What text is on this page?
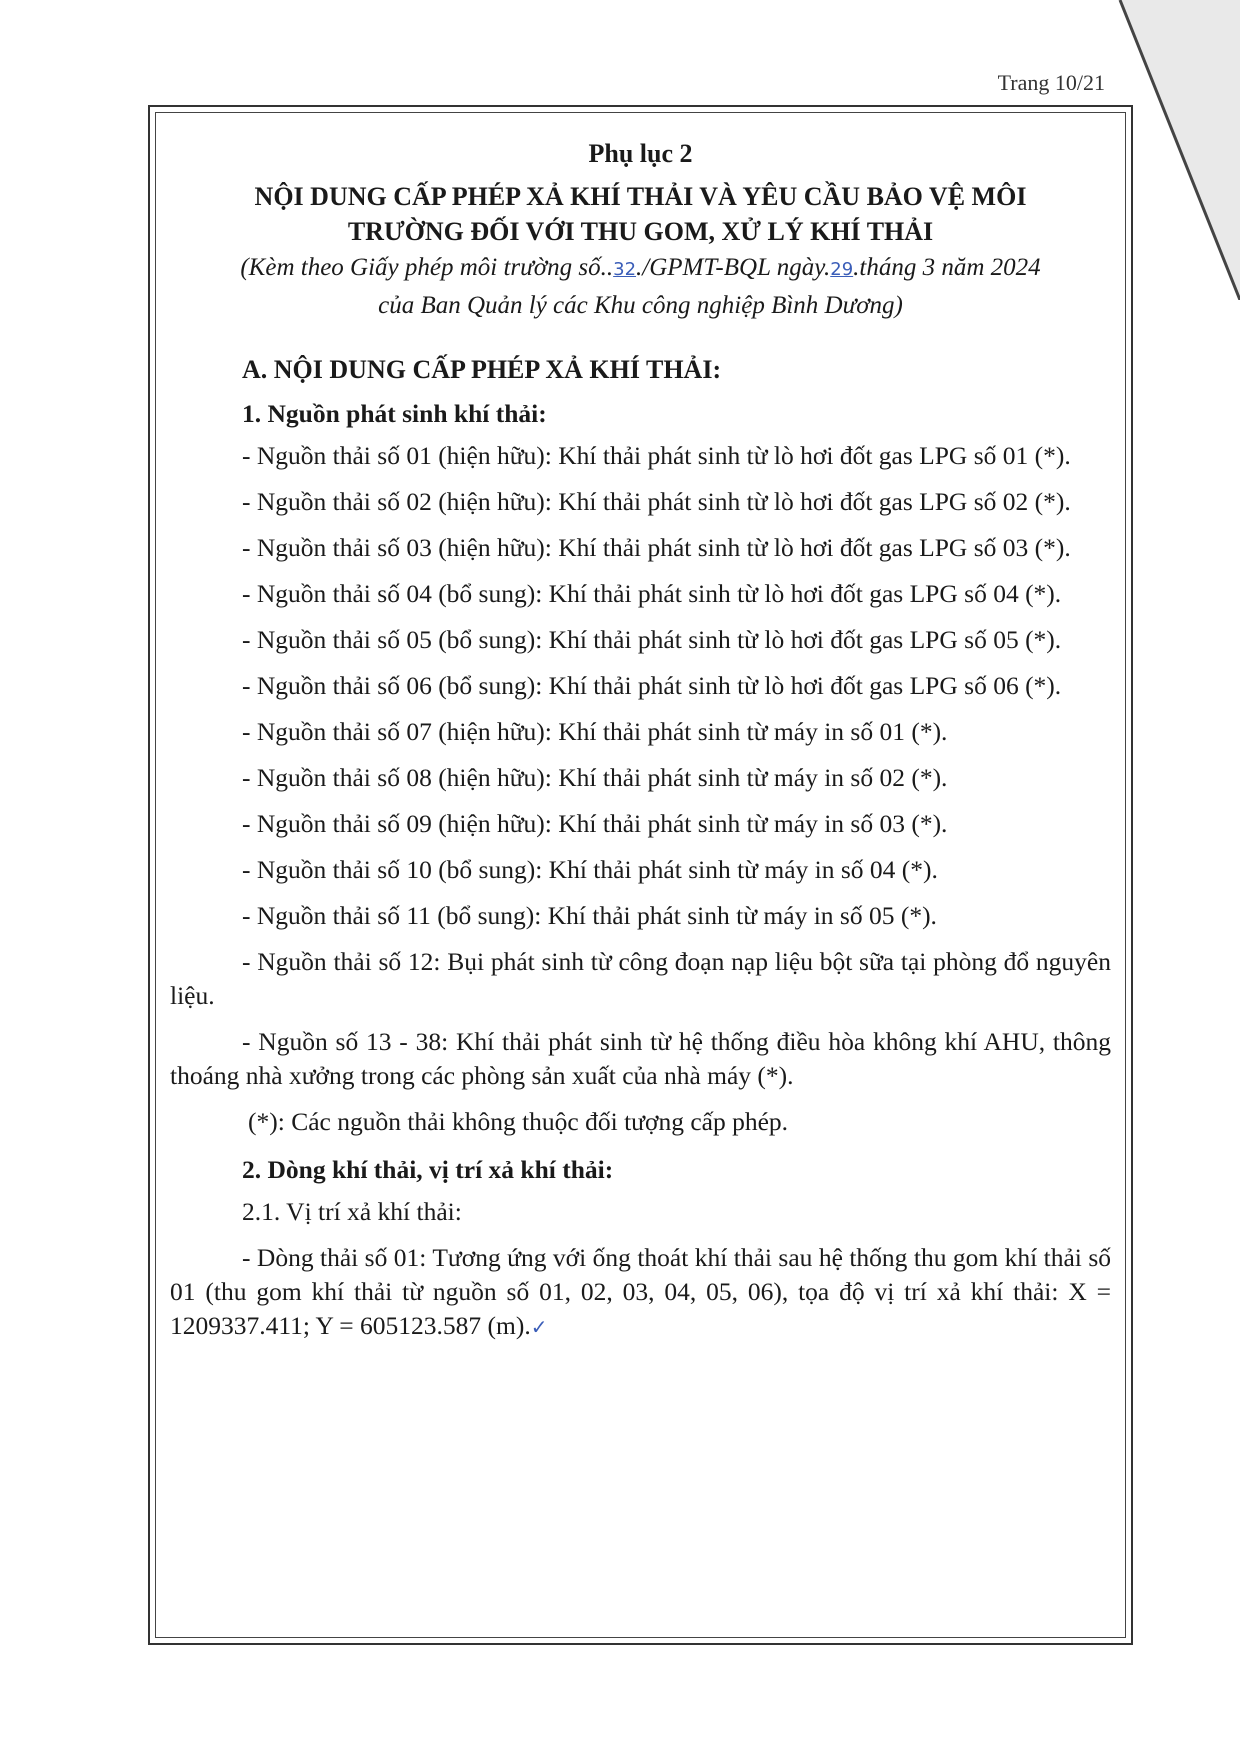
Trang 10/21
Phụ lục 2
NỘI DUNG CẤP PHÉP XẢ KHÍ THẢI VÀ YÊU CẦU BẢO VỆ MÔI
TRƯỜNG ĐỐI VỚI THU GOM, XỬ LÝ KHÍ THẢI
(Kèm theo Giấy phép môi trường số..32./GPMT-BQL ngày.29.tháng 3 năm 2024
của Ban Quản lý các Khu công nghiệp Bình Dương)
A. NỘI DUNG CẤP PHÉP XẢ KHÍ THẢI:
1. Nguồn phát sinh khí thải:

- Nguồn thải số 01 (hiện hữu): Khí thải phát sinh từ lò hơi đốt gas LPG số 01 (*).

- Nguồn thải số 02 (hiện hữu): Khí thải phát sinh từ lò hơi đốt gas LPG số 02 (*).

- Nguồn thải số 03 (hiện hữu): Khí thải phát sinh từ lò hơi đốt gas LPG số 03 (*).

- Nguồn thải số 04 (bổ sung): Khí thải phát sinh từ lò hơi đốt gas LPG số 04 (*).

- Nguồn thải số 05 (bổ sung): Khí thải phát sinh từ lò hơi đốt gas LPG số 05 (*).

- Nguồn thải số 06 (bổ sung): Khí thải phát sinh từ lò hơi đốt gas LPG số 06 (*).

- Nguồn thải số 07 (hiện hữu): Khí thải phát sinh từ máy in số 01 (*).

- Nguồn thải số 08 (hiện hữu): Khí thải phát sinh từ máy in số 02 (*).

- Nguồn thải số 09 (hiện hữu): Khí thải phát sinh từ máy in số 03 (*).

- Nguồn thải số 10 (bổ sung): Khí thải phát sinh từ máy in số 04 (*).

- Nguồn thải số 11 (bổ sung): Khí thải phát sinh từ máy in số 05 (*).

- Nguồn thải số 12: Bụi phát sinh từ công đoạn nạp liệu bột sữa tại phòng đổ nguyên liệu.

- Nguồn số 13 - 38: Khí thải phát sinh từ hệ thống điều hòa không khí AHU, thông thoáng nhà xưởng trong các phòng sản xuất của nhà máy (*).

(*): Các nguồn thải không thuộc đối tượng cấp phép.
2. Dòng khí thải, vị trí xả khí thải:

2.1. Vị trí xả khí thải:

- Dòng thải số 01: Tương ứng với ống thoát khí thải sau hệ thống thu gom khí thải số 01 (thu gom khí thải từ nguồn số 01, 02, 03, 04, 05, 06), tọa độ vị trí xả khí thải: X = 1209337.411; Y = 605123.587 (m).✓
